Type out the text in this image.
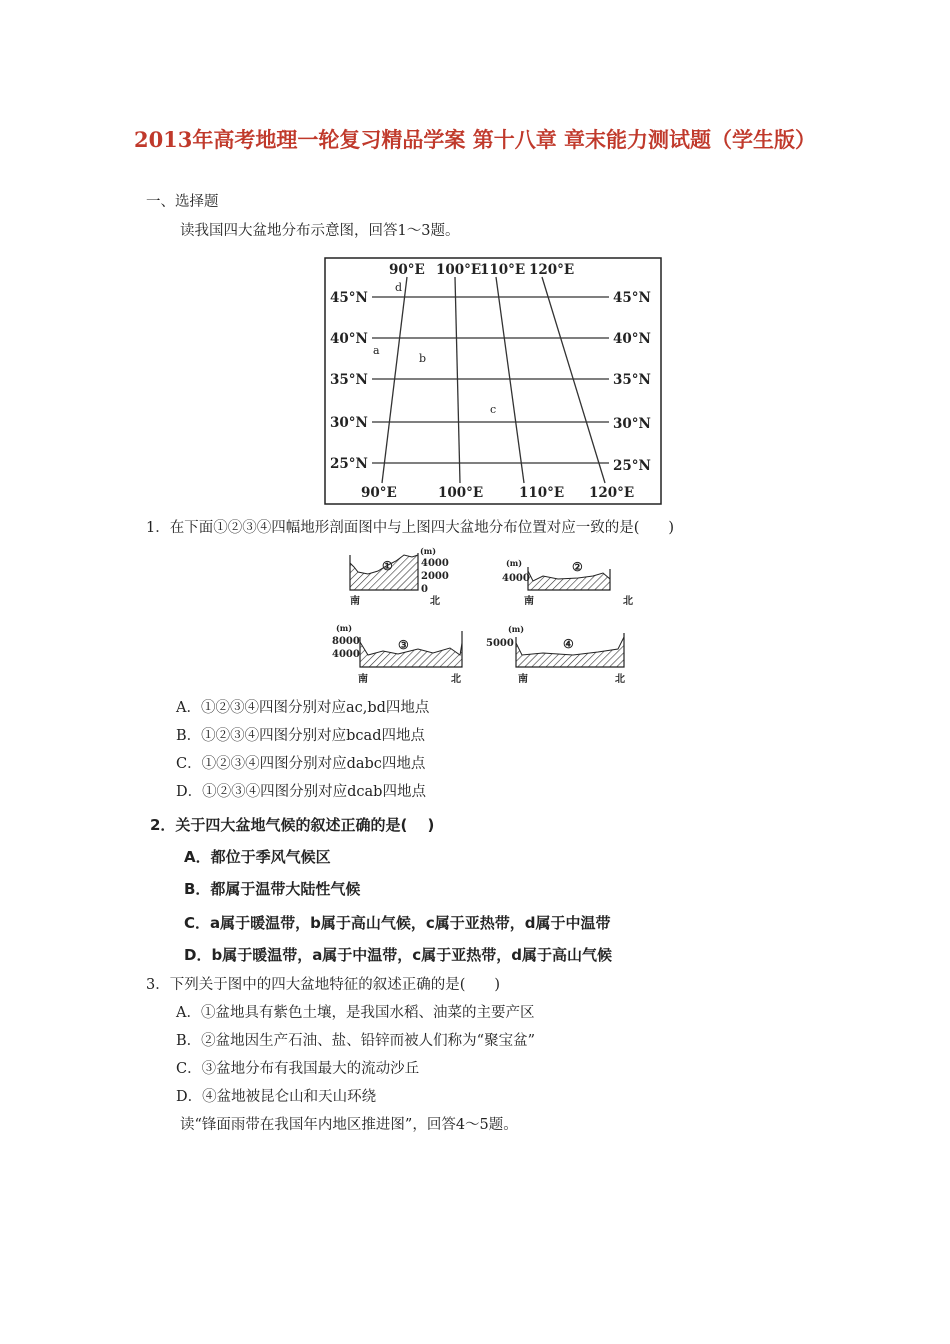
2013年高考地理一轮复习精品学案 第十八章 章末能力测试题（学生版）
一、选择题
读我国四大盆地分布示意图，回答1～3题。
90°E 100°E
110°E 120°E
90°E	100°E	110°E 120°E
45°N
40°N
35°N
30°N
25°N
45°N
40°N
35°N
30°N
25°N
d
a
b
c
1．在下面①②③④四幅地形剖面图中与上图四大盆地分布位置对应一致的是(　　)
①
(m)
4000
2000
0
南	北
②
(m)
4000
南	北
③
(m)
8000
4000
南	北
④
(m)
5000
南	北
A．①②③④四图分别对应ac,bd四地点
B．①②③④四图分别对应bcad四地点
C．①②③④四图分别对应dabc四地点
D．①②③④四图分别对应dcab四地点
2．关于四大盆地气候的叙述正确的是(　 )
A．都位于季风气候区
B．都属于温带大陆性气候
C．a属于暖温带，b属于高山气候，c属于亚热带，d属于中温带
D．b属于暖温带，a属于中温带，c属于亚热带，d属于高山气候
3．下列关于图中的四大盆地特征的叙述正确的是(　　)
A．①盆地具有紫色土壤，是我国水稻、油菜的主要产区
B．②盆地因生产石油、盐、铅锌而被人们称为“聚宝盆”
C．③盆地分布有我国最大的流动沙丘
D．④盆地被昆仑山和天山环绕
读“锋面雨带在我国年内地区推进图”，回答4～5题。
